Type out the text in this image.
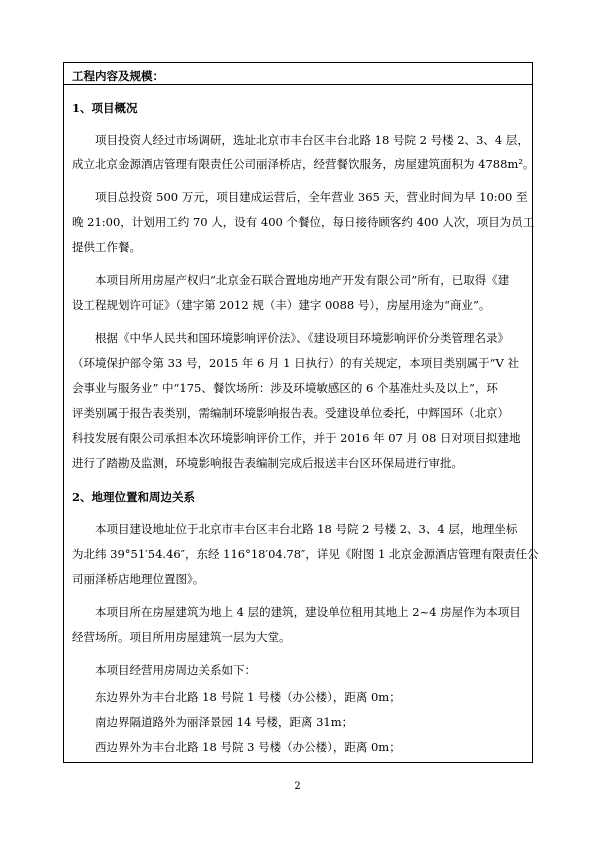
工程内容及规模：
1、项目概况
项目投资人经过市场调研，选址北京市丰台区丰台北路 18 号院 2 号楼 2、3、4 层，
成立北京金源酒店管理有限责任公司丽泽桥店，经营餐饮服务，房屋建筑面积为 4788m²。
项目总投资 500 万元，项目建成运营后，全年营业 365 天，营业时间为早 10:00 至
晚 21:00，计划用工约 70 人，设有 400 个餐位，每日接待顾客约 400 人次，项目为员工
提供工作餐。
本项目所用房屋产权归“北京金石联合置地房地产开发有限公司”所有，已取得《建
设工程规划许可证》（建字第 2012 规（丰）建字 0088 号），房屋用途为“商业”。
根据《中华人民共和国环境影响评价法》、《建设项目环境影响评价分类管理名录》
（环境保护部令第 33 号，2015 年 6 月 1 日执行）的有关规定，本项目类别属于“V 社
会事业与服务业” 中“175、餐饮场所：涉及环境敏感区的 6 个基准灶头及以上”，环
评类别属于报告表类别，需编制环境影响报告表。受建设单位委托，中辉国环（北京）
科技发展有限公司承担本次环境影响评价工作，并于 2016 年 07 月 08 日对项目拟建地
进行了踏勘及监测，环境影响报告表编制完成后报送丰台区环保局进行审批。
2、地理位置和周边关系
本项目建设地址位于北京市丰台区丰台北路 18 号院 2 号楼 2、3、4 层，地理坐标
为北纬 39°51′54.46″，东经 116°18′04.78″，详见《附图 1 北京金源酒店管理有限责任公
司丽泽桥店地理位置图》。
本项目所在房屋建筑为地上 4 层的建筑，建设单位租用其地上 2~4 房屋作为本项目
经营场所。项目所用房屋建筑一层为大堂。
本项目经营用房周边关系如下：
东边界外为丰台北路 18 号院 1 号楼（办公楼），距离 0m；
南边界隔道路外为丽泽景园 14 号楼，距离 31m；
西边界外为丰台北路 18 号院 3 号楼（办公楼），距离 0m；
2
